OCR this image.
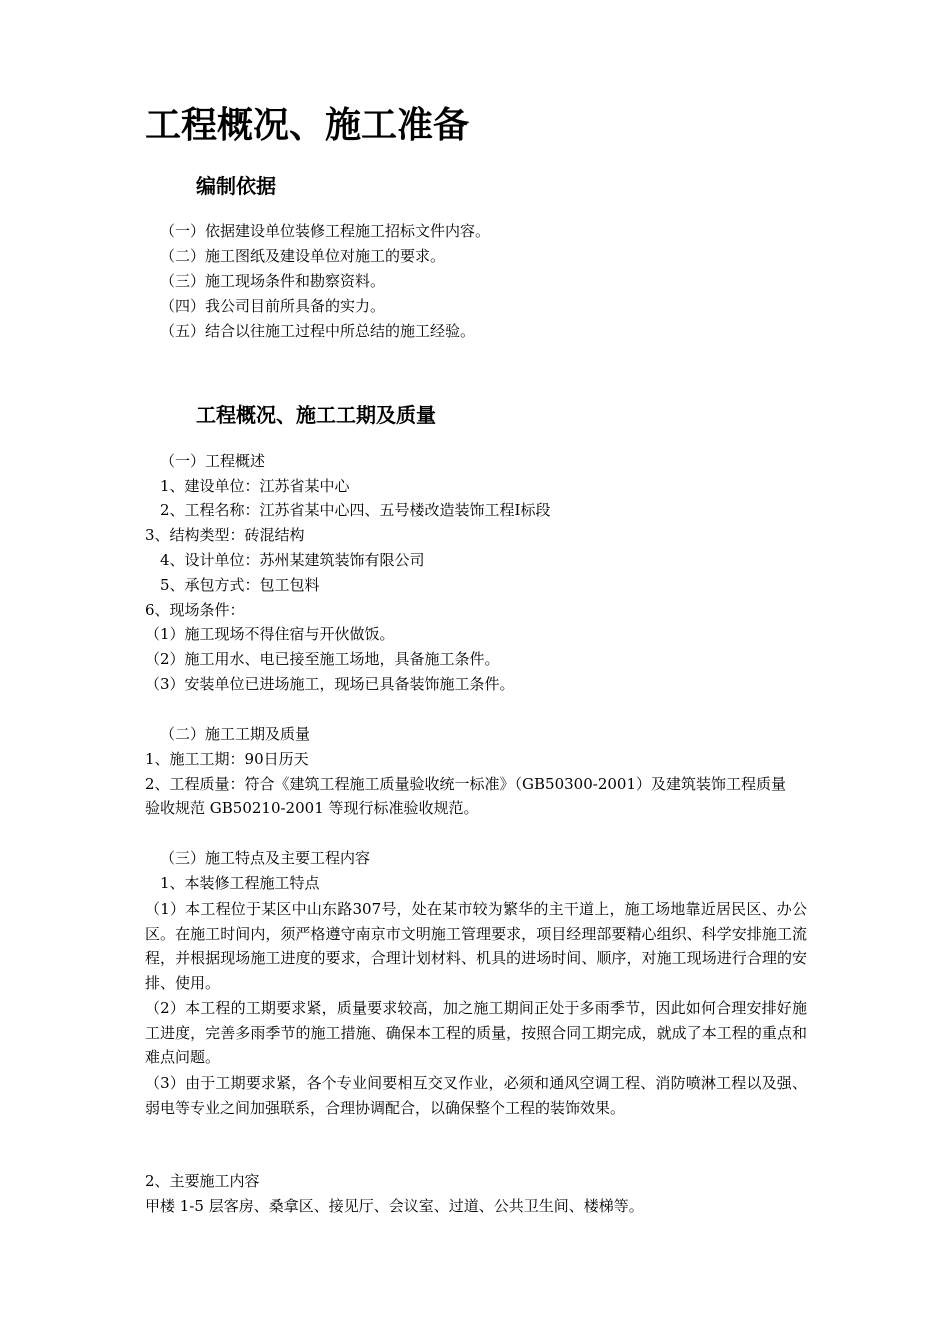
工程概况、施工准备
编制依据
（一）依据建设单位装修工程施工招标文件内容。
（二）施工图纸及建设单位对施工的要求。
（三）施工现场条件和勘察资料。
（四）我公司目前所具备的实力。
（五）结合以往施工过程中所总结的施工经验。
工程概况、施工工期及质量
（一）工程概述
1、建设单位：江苏省某中心
2、工程名称：江苏省某中心四、五号楼改造装饰工程Ⅰ标段
3、结构类型：砖混结构
4、设计单位：苏州某建筑装饰有限公司
5、承包方式：包工包料
6、现场条件：
（1）施工现场不得住宿与开伙做饭。
（2）施工用水、电已接至施工场地，具备施工条件。
（3）安装单位已进场施工，现场已具备装饰施工条件。
（二）施工工期及质量
1、施工工期：90日历天
2、工程质量：符合《建筑工程施工质量验收统一标准》（GB50300-2001）及建筑装饰工程质量
验收规范 GB50210-2001 等现行标准验收规范。
（三）施工特点及主要工程内容
1、本装修工程施工特点
（1）本工程位于某区中山东路307号，处在某市较为繁华的主干道上，施工场地靠近居民区、办公区。在施工时间内，须严格遵守南京市文明施工管理要求，项目经理部要精心组织、科学安排施工流程，并根据现场施工进度的要求，合理计划材料、机具的进场时间、顺序，对施工现场进行合理的安排、使用。
（2）本工程的工期要求紧，质量要求较高，加之施工期间正处于多雨季节，因此如何合理安排好施工进度，完善多雨季节的施工措施、确保本工程的质量，按照合同工期完成，就成了本工程的重点和难点问题。
（3）由于工期要求紧，各个专业间要相互交叉作业，必须和通风空调工程、消防喷淋工程以及强、弱电等专业之间加强联系，合理协调配合，以确保整个工程的装饰效果。
2、主要施工内容
甲楼 1-5 层客房、桑拿区、接见厅、会议室、过道、公共卫生间、楼梯等。
